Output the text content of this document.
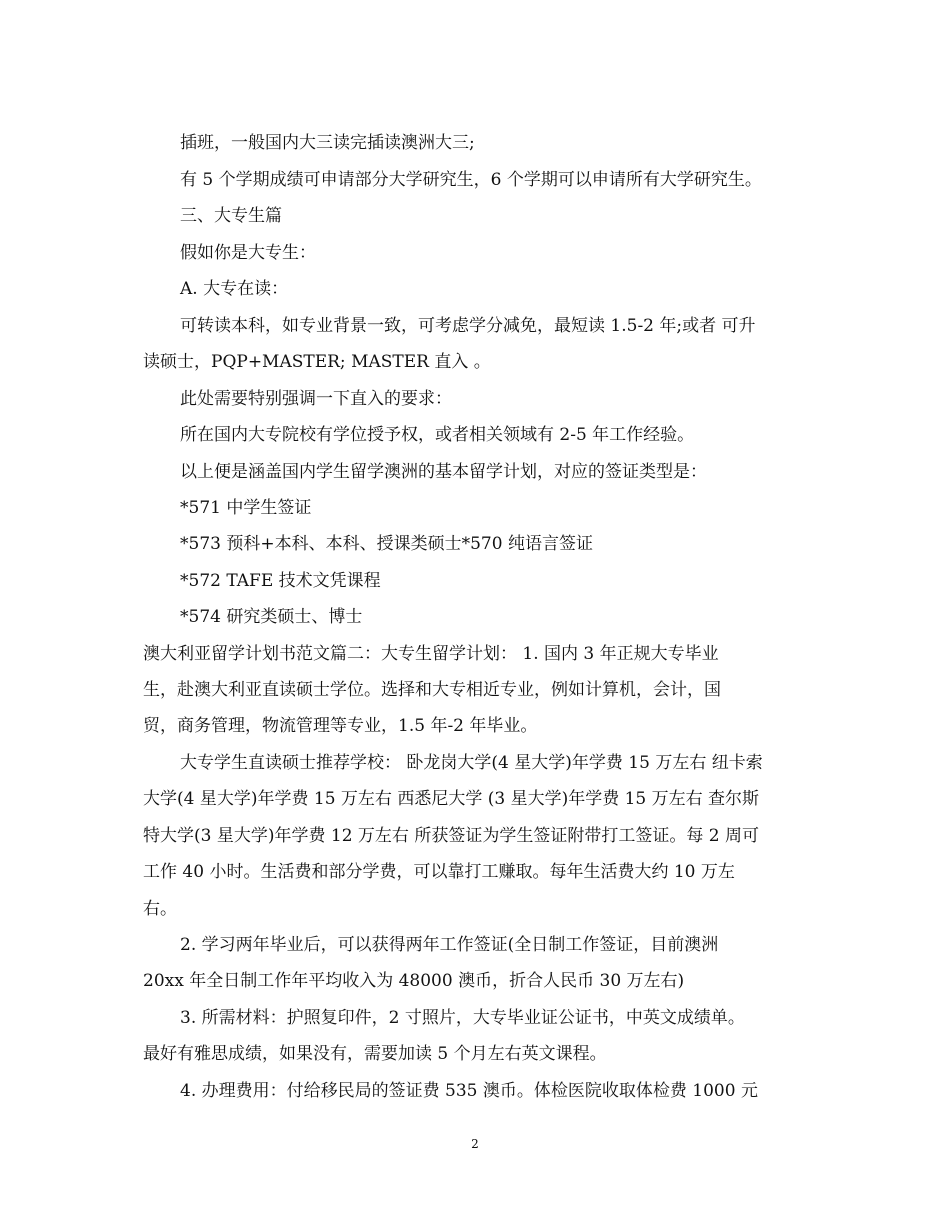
插班，一般国内大三读完插读澳洲大三;
有 5 个学期成绩可申请部分大学研究生，6 个学期可以申请所有大学研究生。
三、大专生篇
假如你是大专生：
A. 大专在读：
可转读本科，如专业背景一致，可考虑学分减免，最短读 1.5-2 年;或者 可升
读硕士，PQP+MASTER; MASTER 直入 。
此处需要特别强调一下直入的要求：
所在国内大专院校有学位授予权，或者相关领域有 2-5 年工作经验。
以上便是涵盖国内学生留学澳洲的基本留学计划，对应的签证类型是：
*571 中学生签证
*573 预科+本科、本科、授课类硕士*570 纯语言签证
*572 TAFE 技术文凭课程
*574 研究类硕士、博士
澳大利亚留学计划书范文篇二：大专生留学计划： 1. 国内 3 年正规大专毕业
生，赴澳大利亚直读硕士学位。选择和大专相近专业，例如计算机，会计，国
贸，商务管理，物流管理等专业，1.5 年-2 年毕业。
大专学生直读硕士推荐学校： 卧龙岗大学(4 星大学)年学费 15 万左右 纽卡索
大学(4 星大学)年学费 15 万左右 西悉尼大学 (3 星大学)年学费 15 万左右 查尔斯
特大学(3 星大学)年学费 12 万左右 所获签证为学生签证附带打工签证。每 2 周可
工作 40 小时。生活费和部分学费，可以靠打工赚取。每年生活费大约 10 万左
右。
2. 学习两年毕业后，可以获得两年工作签证(全日制工作签证，目前澳洲
20xx 年全日制工作年平均收入为 48000 澳币，折合人民币 30 万左右)
3. 所需材料：护照复印件，2 寸照片，大专毕业证公证书，中英文成绩单。
最好有雅思成绩，如果没有，需要加读 5 个月左右英文课程。
4. 办理费用：付给移民局的签证费 535 澳币。体检医院收取体检费 1000 元
2
